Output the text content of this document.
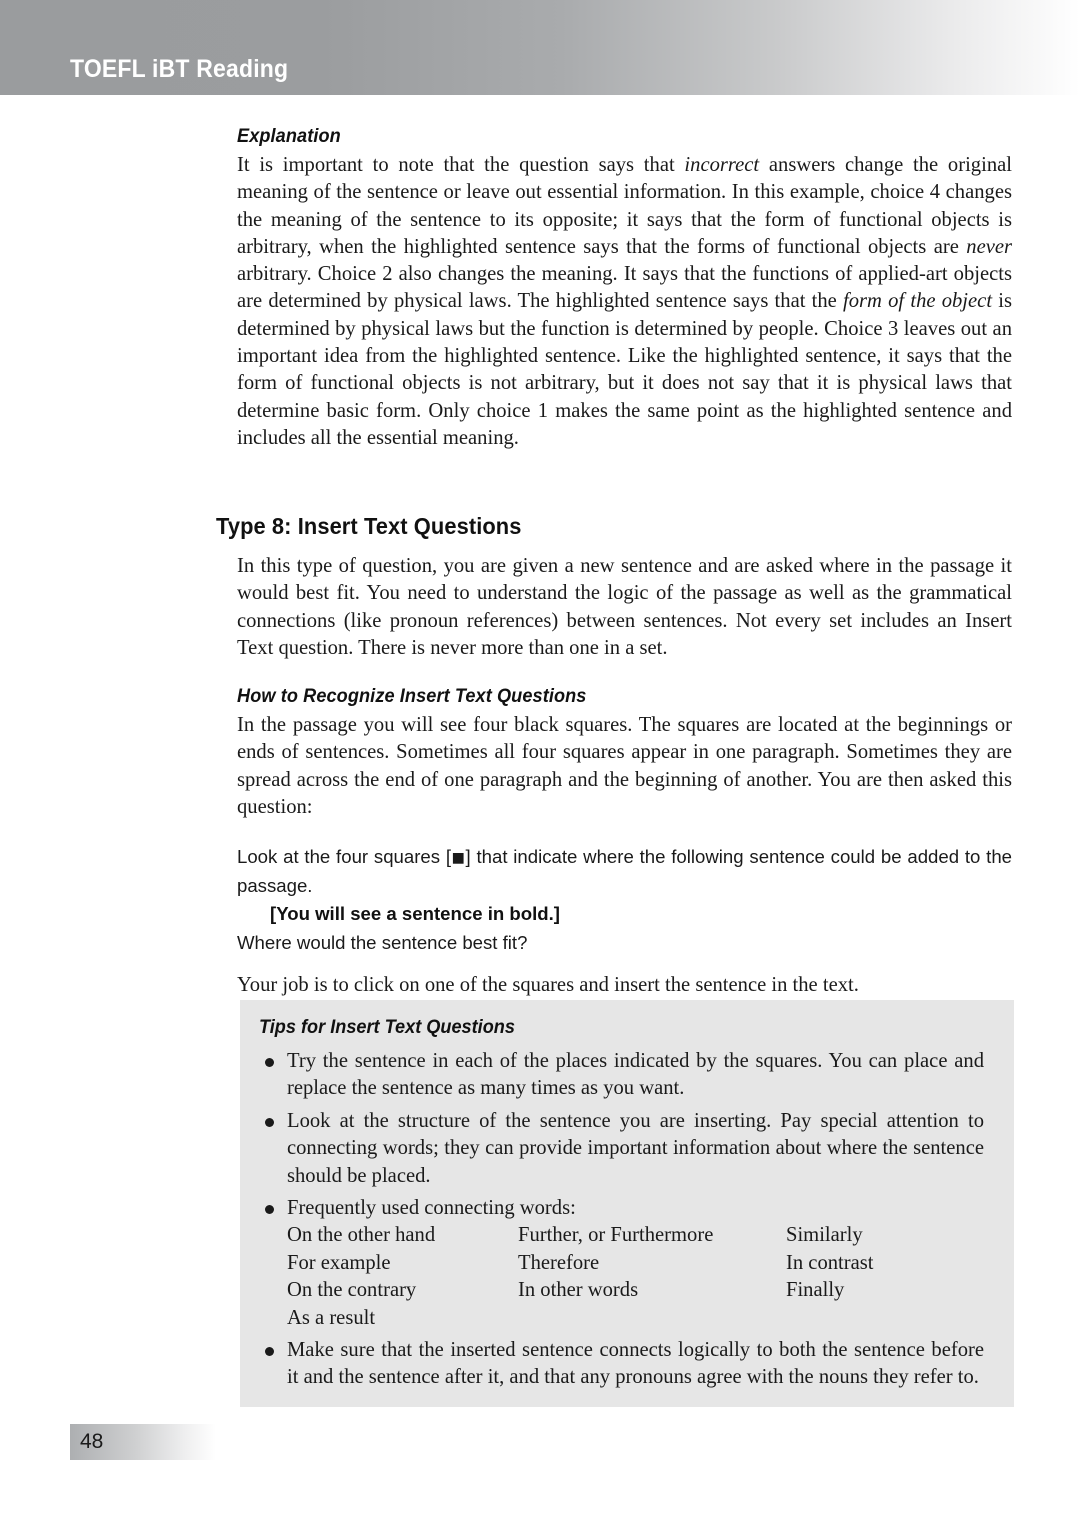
TOEFL iBT Reading
Explanation

It is important to note that the question says that incorrect answers change the original meaning of the sentence or leave out essential information. In this example, choice 4 changes the meaning of the sentence to its opposite; it says that the form of functional objects is arbitrary, when the highlighted sentence says that the forms of functional objects are never arbitrary. Choice 2 also changes the meaning. It says that the functions of applied-art objects are determined by physical laws. The highlighted sentence says that the form of the object is determined by physical laws but the function is determined by people. Choice 3 leaves out an important idea from the highlighted sentence. Like the highlighted sentence, it says that the form of functional objects is not arbitrary, but it does not say that it is physical laws that determine basic form. Only choice 1 makes the same point as the highlighted sentence and includes all the essential meaning.

Type 8: Insert Text Questions

In this type of question, you are given a new sentence and are asked where in the passage it would best fit. You need to understand the logic of the passage as well as the grammatical connections (like pronoun references) between sentences. Not every set includes an Insert Text question. There is never more than one in a set.

How to Recognize Insert Text Questions

In the passage you will see four black squares. The squares are located at the beginnings or ends of sentences. Sometimes all four squares appear in one paragraph. Sometimes they are spread across the end of one paragraph and the beginning of another. You are then asked this question:

Look at the four squares [■] that indicate where the following sentence could be added to the passage.

[You will see a sentence in bold.]

Where would the sentence best fit?

Your job is to click on one of the squares and insert the sentence in the text.

Tips for Insert Text Questions
Try the sentence in each of the places indicated by the squares. You can place and replace the sentence as many times as you want.
Look at the structure of the sentence you are inserting. Pay special attention to connecting words; they can provide important information about where the sentence should be placed.
Frequently used connecting words:
On the other hand	Further, or Furthermore	Similarly
For example	Therefore	In contrast
On the contrary	In other words	Finally
As a result		
Make sure that the inserted sentence connects logically to both the sentence before it and the sentence after it, and that any pronouns agree with the nouns they refer to.
48
